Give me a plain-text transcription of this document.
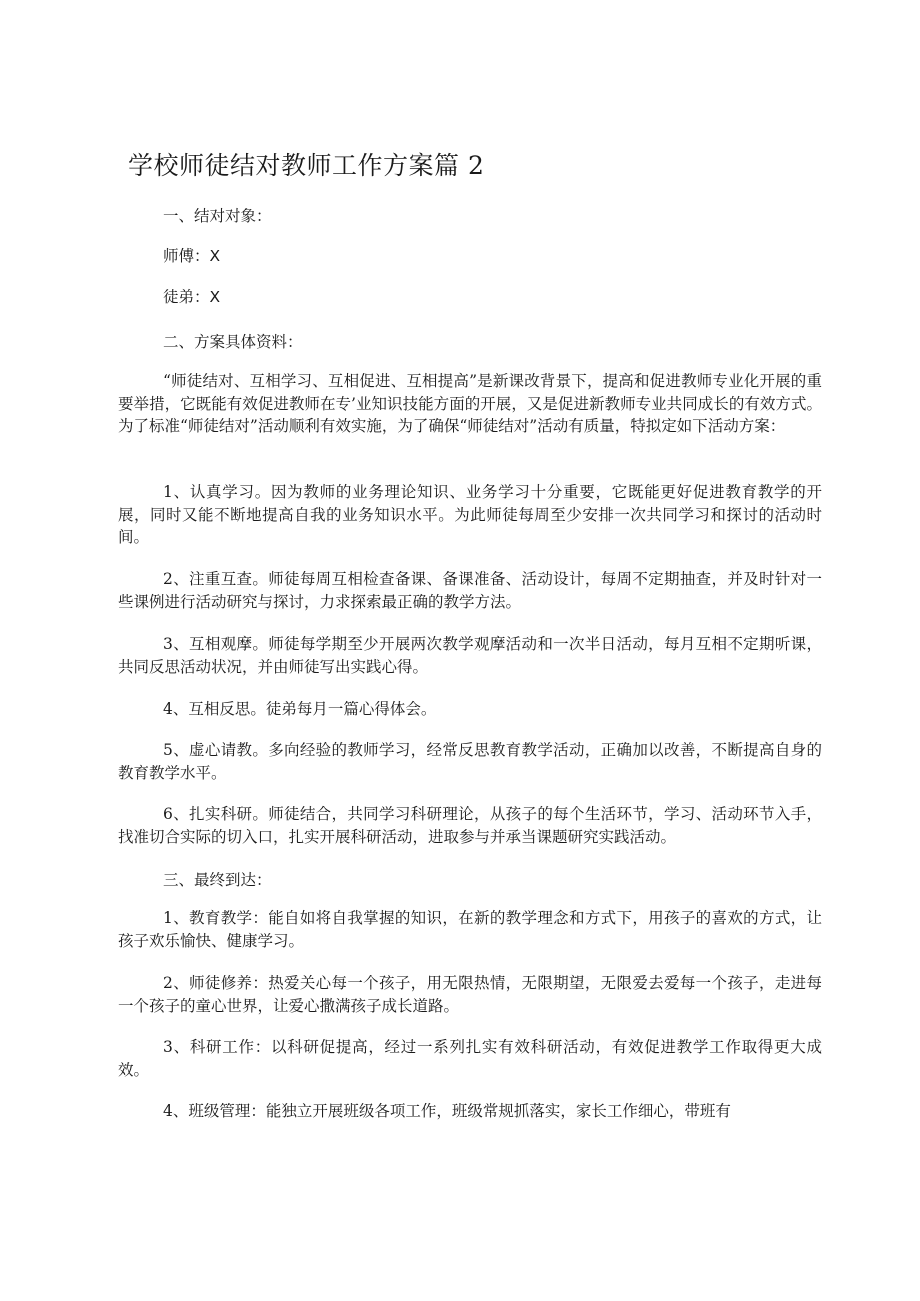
学校师徒结对教师工作方案篇 2
一、结对对象：
师傅：X
徒弟：X
二、方案具体资料：
“师徒结对、互相学习、互相促进、互相提高”是新课改背景下，提高和促进教师专业化开展的重要举措，它既能有效促进教师在专’业知识技能方面的开展，又是促进新教师专业共同成长的有效方式。为了标准“师徒结对”活动顺利有效实施，为了确保“师徒结对”活动有质量，特拟定如下活动方案：
1、认真学习。因为教师的业务理论知识、业务学习十分重要，它既能更好促进教育教学的开展，同时又能不断地提高自我的业务知识水平。为此师徒每周至少安排一次共同学习和探讨的活动时间。
2、注重互查。师徒每周互相检查备课、备课准备、活动设计，每周不定期抽查，并及时针对一些课例进行活动研究与探讨，力求探索最正确的教学方法。
3、互相观摩。师徒每学期至少开展两次教学观摩活动和一次半日活动，每月互相不定期听课，共同反思活动状况，并由师徒写出实践心得。
4、互相反思。徒弟每月一篇心得体会。
5、虚心请教。多向经验的教师学习，经常反思教育教学活动，正确加以改善，不断提高自身的教育教学水平。
6、扎实科研。师徒结合，共同学习科研理论，从孩子的每个生活环节，学习、活动环节入手，找准切合实际的切入口，扎实开展科研活动，进取参与并承当课题研究实践活动。
三、最终到达：
1、教育教学：能自如将自我掌握的知识，在新的教学理念和方式下，用孩子的喜欢的方式，让孩子欢乐愉快、健康学习。
2、师徒修养：热爱关心每一个孩子，用无限热情，无限期望，无限爱去爱每一个孩子，走进每一个孩子的童心世界，让爱心撒满孩子成长道路。
3、科研工作：以科研促提高，经过一系列扎实有效科研活动，有效促进教学工作取得更大成效。
4、班级管理：能独立开展班级各项工作，班级常规抓落实，家长工作细心，带班有
